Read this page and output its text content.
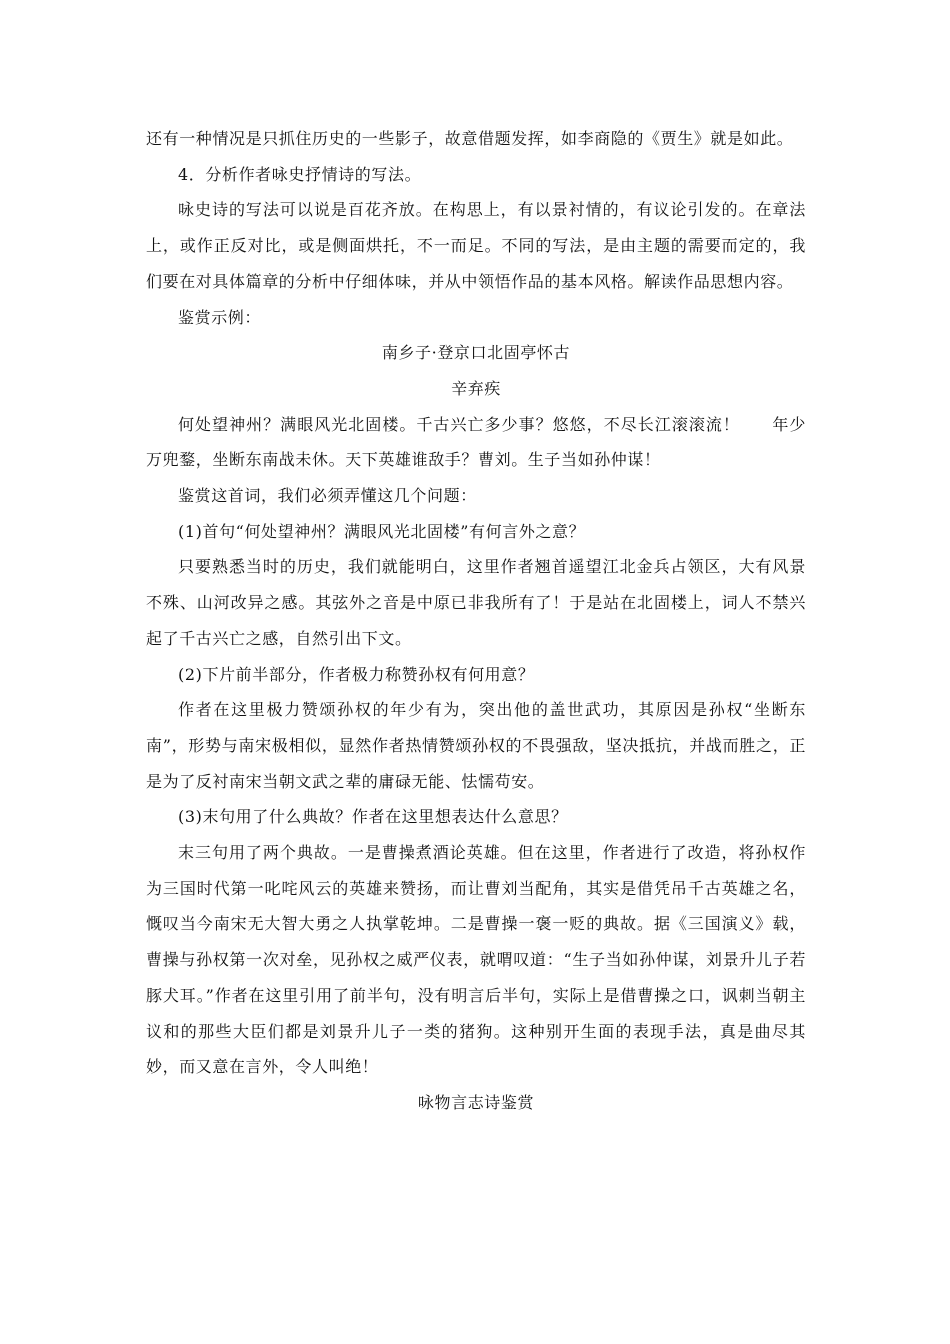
还有一种情况是只抓住历史的一些影子，故意借题发挥，如李商隐的《贾生》就是如此。

4．分析作者咏史抒情诗的写法。

咏史诗的写法可以说是百花齐放。在构思上，有以景衬情的，有议论引发的。在章法上，或作正反对比，或是侧面烘托，不一而足。不同的写法，是由主题的需要而定的，我们要在对具体篇章的分析中仔细体味，并从中领悟作品的基本风格。解读作品思想内容。

鉴赏示例：

南乡子·登京口北固亭怀古

辛弃疾

何处望神州？满眼风光北固楼。千古兴亡多少事？悠悠，不尽长江滚滚流！ 年少万兜鍪，坐断东南战未休。天下英雄谁敌手？曹刘。生子当如孙仲谋！

鉴赏这首词，我们必须弄懂这几个问题：

(1)首句“何处望神州？满眼风光北固楼”有何言外之意？

只要熟悉当时的历史，我们就能明白，这里作者翘首遥望江北金兵占领区，大有风景不殊、山河改异之感。其弦外之音是中原已非我所有了！于是站在北固楼上，词人不禁兴起了千古兴亡之感，自然引出下文。

(2)下片前半部分，作者极力称赞孙权有何用意？

作者在这里极力赞颂孙权的年少有为，突出他的盖世武功，其原因是孙权“坐断东南”，形势与南宋极相似，显然作者热情赞颂孙权的不畏强敌，坚决抵抗，并战而胜之，正是为了反衬南宋当朝文武之辈的庸碌无能、怯懦苟安。

(3)末句用了什么典故？作者在这里想表达什么意思？

末三句用了两个典故。一是曹操煮酒论英雄。但在这里，作者进行了改造，将孙权作为三国时代第一叱咤风云的英雄来赞扬，而让曹刘当配角，其实是借凭吊千古英雄之名，慨叹当今南宋无大智大勇之人执掌乾坤。二是曹操一褒一贬的典故。据《三国演义》载，曹操与孙权第一次对垒，见孙权之威严仪表，就喟叹道：“生子当如孙仲谋，刘景升儿子若豚犬耳。”作者在这里引用了前半句，没有明言后半句，实际上是借曹操之口，讽刺当朝主议和的那些大臣们都是刘景升儿子一类的猪狗。这种别开生面的表现手法，真是曲尽其妙，而又意在言外，令人叫绝！

咏物言志诗鉴赏
